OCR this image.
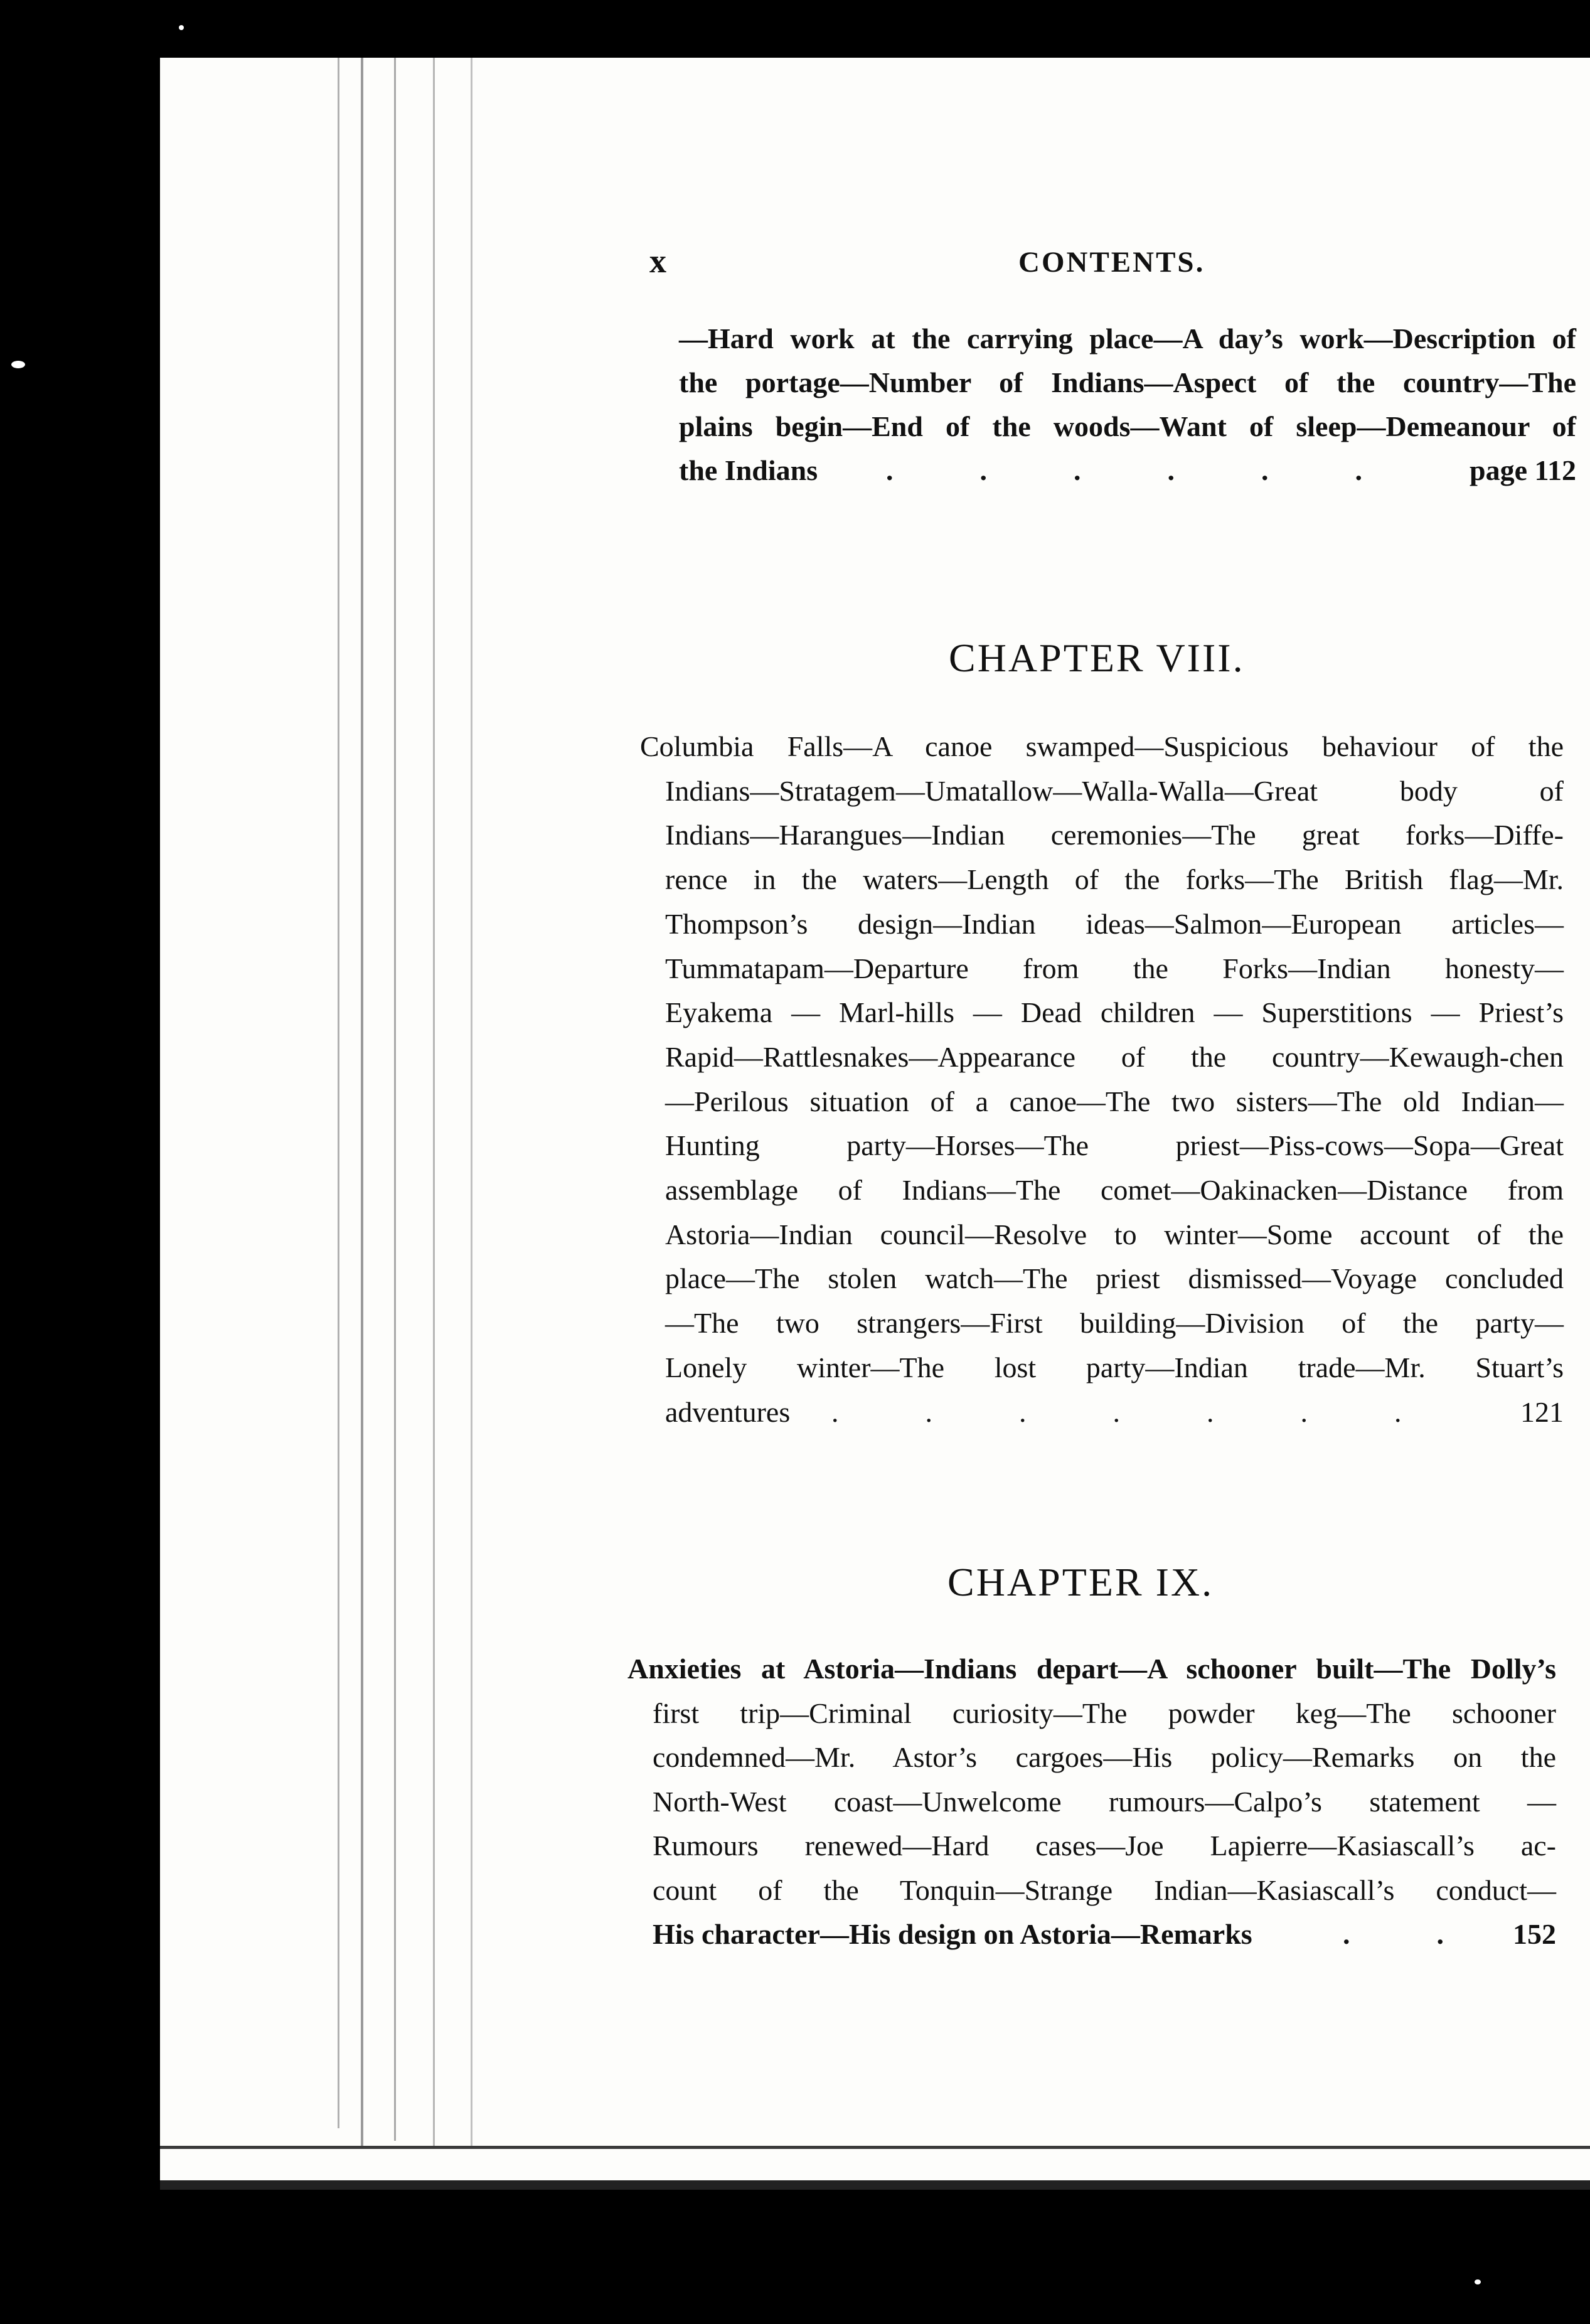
x	CONTENTS.
—Hard work at the carrying place—A day’s work—Description of
the portage—Number of Indians—Aspect of the country—The
plains begin—End of the woods—Want of sleep—Demeanour of
the Indians .   .   .   .   .   .	page 112
CHAPTER VIII.
Columbia Falls—A canoe swamped—Suspicious behaviour of the
Indians—Stratagem—Umatallow—Walla-Walla—Great body of
Indians—Harangues—Indian ceremonies—The great forks—Diffe-
rence in the waters—Length of the forks—The British flag—Mr.
Thompson’s design—Indian ideas—Salmon—European articles—
Tummatapam—Departure from the Forks—Indian honesty—
Eyakema — Marl-hills — Dead children — Superstitions — Priest’s
Rapid—Rattlesnakes—Appearance of the country—Kewaugh-chen
—Perilous situation of a canoe—The two sisters—The old Indian—
Hunting party—Horses—The priest—Piss-cows—Sopa—Great
assemblage of Indians—The comet—Oakinacken—Distance from
Astoria—Indian council—Resolve to winter—Some account of the
place—The stolen watch—The priest dismissed—Voyage concluded
—The two strangers—First building—Division of the party—
Lonely winter—The lost party—Indian trade—Mr. Stuart’s
adventures .   .   .   .   .   .   .	121
CHAPTER IX.
Anxieties at Astoria—Indians depart—A schooner built—The Dolly’s
first trip—Criminal curiosity—The powder keg—The schooner
condemned—Mr. Astor’s cargoes—His policy—Remarks on the
North-West coast—Unwelcome rumours—Calpo’s statement —
Rumours renewed—Hard cases—Joe Lapierre—Kasiascall’s ac-
count of the Tonquin—Strange Indian—Kasiascall’s conduct—
His character—His design on Astoria—Remarks	.   . 152
